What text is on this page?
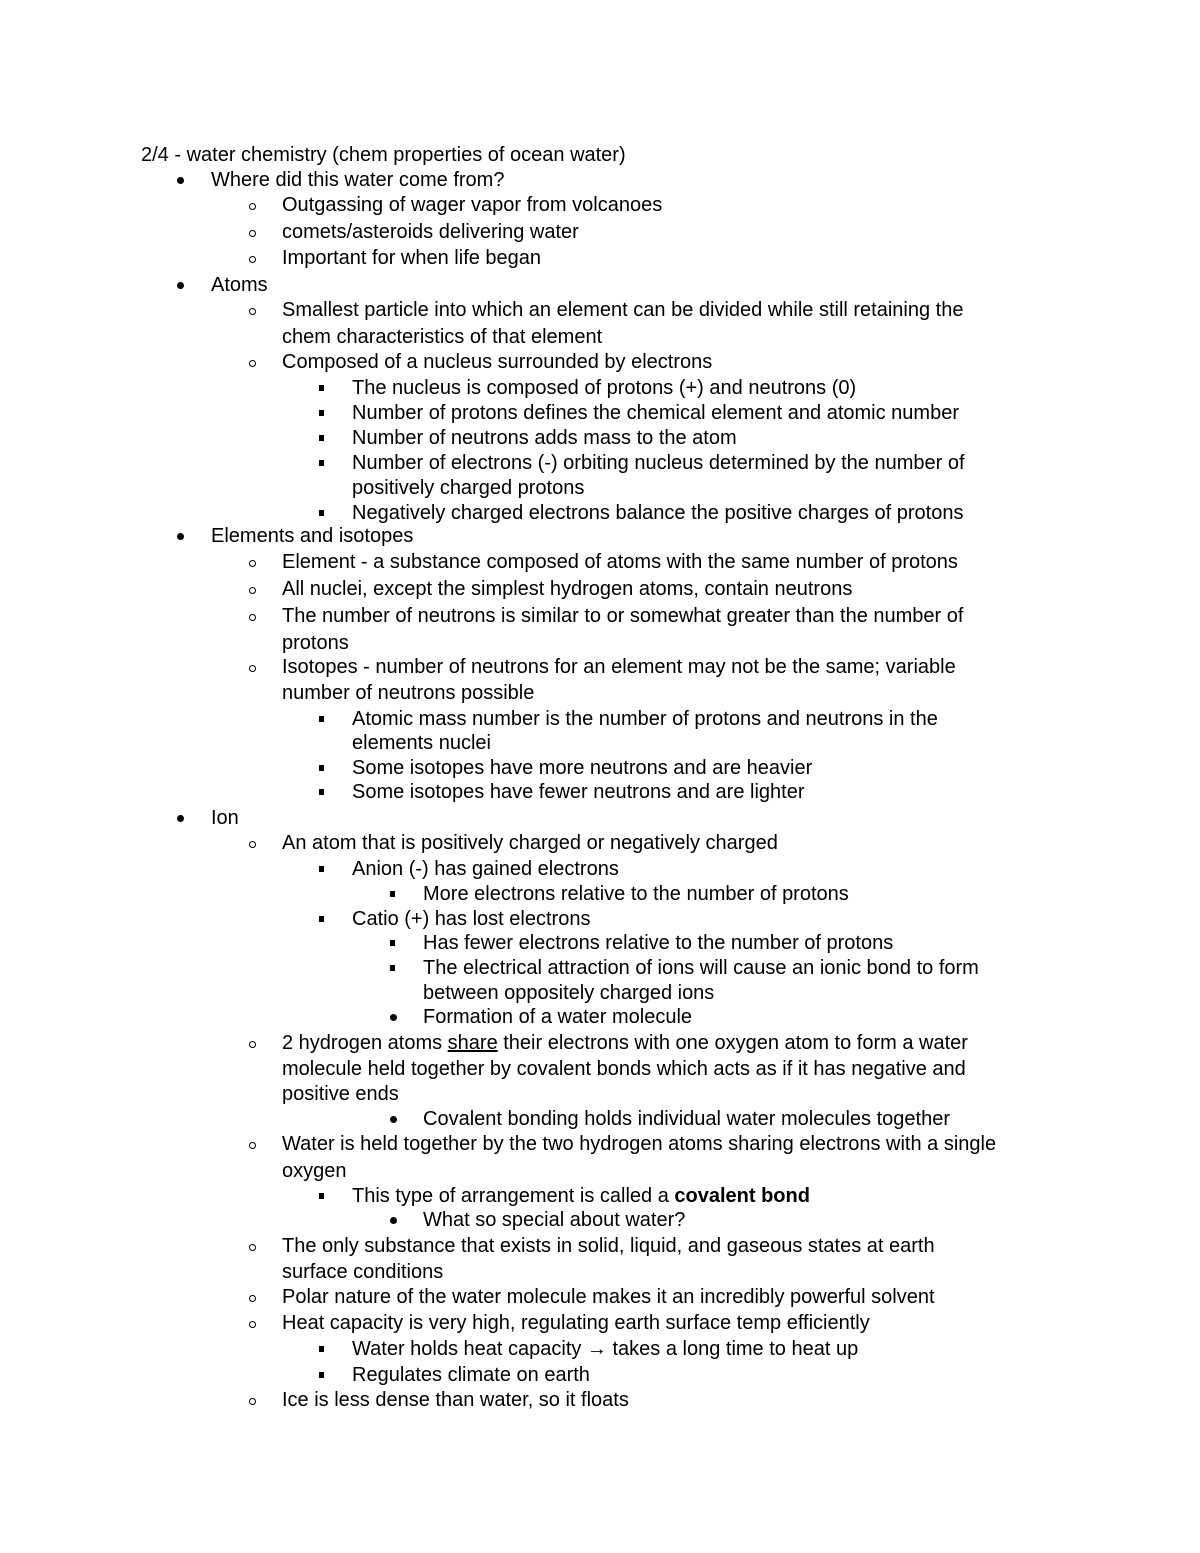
2/4 - water chemistry (chem properties of ocean water)
Where did this water come from?
Outgassing of wager vapor from volcanoes
comets/asteroids delivering water
Important for when life began
Atoms
Smallest particle into which an element can be divided while still retaining the
chem characteristics of that element
Composed of a nucleus surrounded by electrons
The nucleus is composed of protons (+) and neutrons (0)
Number of protons defines the chemical element and atomic number
Number of neutrons adds mass to the atom
Number of electrons (-) orbiting nucleus determined by the number of
positively charged protons
Negatively charged electrons balance the positive charges of protons
Elements and isotopes
Element - a substance composed of atoms with the same number of protons
All nuclei, except the simplest hydrogen atoms, contain neutrons
The number of neutrons is similar to or somewhat greater than the number of
protons
Isotopes - number of neutrons for an element may not be the same; variable
number of neutrons possible
Atomic mass number is the number of protons and neutrons in the
elements nuclei
Some isotopes have more neutrons and are heavier
Some isotopes have fewer neutrons and are lighter
Ion
An atom that is positively charged or negatively charged
Anion (-) has gained electrons
More electrons relative to the number of protons
Catio (+) has lost electrons
Has fewer electrons relative to the number of protons
The electrical attraction of ions will cause an ionic bond to form
between oppositely charged ions
Formation of a water molecule
2 hydrogen atoms share their electrons with one oxygen atom to form a water
molecule held together by covalent bonds which acts as if it has negative and
positive ends
Covalent bonding holds individual water molecules together
Water is held together by the two hydrogen atoms sharing electrons with a single
oxygen
This type of arrangement is called a covalent bond
What so special about water?
The only substance that exists in solid, liquid, and gaseous states at earth
surface conditions
Polar nature of the water molecule makes it an incredibly powerful solvent
Heat capacity is very high, regulating earth surface temp efficiently
Water holds heat capacity → takes a long time to heat up
Regulates climate on earth
Ice is less dense than water, so it floats
